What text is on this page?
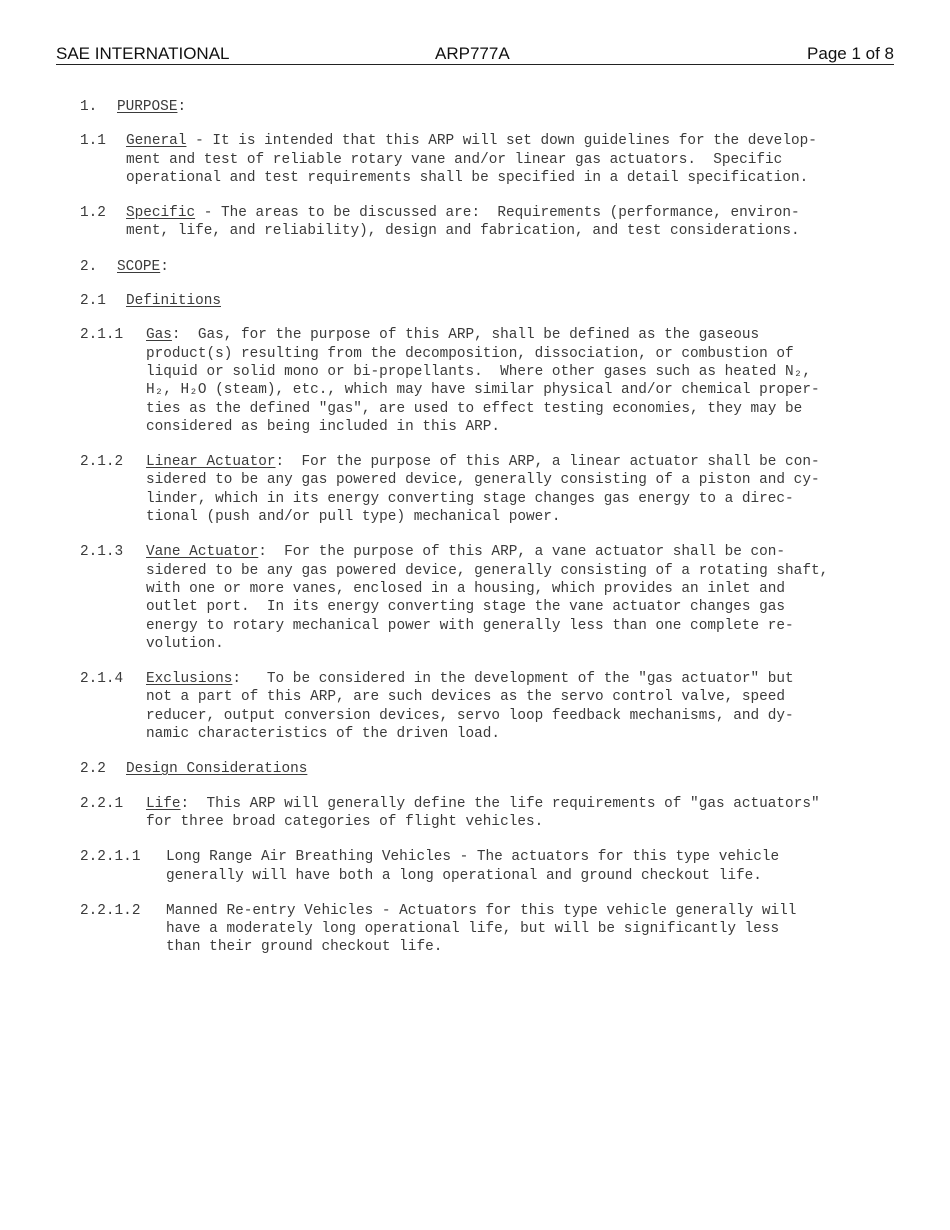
SAE INTERNATIONAL	ARP777A	Page 1 of 8
1.	PURPOSE:
1.1	General - It is intended that this ARP will set down guidelines for the develop-
ment and test of reliable rotary vane and/or linear gas actuators.  Specific
operational and test requirements shall be specified in a detail specification.
1.2	Specific - The areas to be discussed are:  Requirements (performance, environ-
ment, life, and reliability), design and fabrication, and test considerations.
2.	SCOPE:
2.1	Definitions
2.1.1	Gas:  Gas, for the purpose of this ARP, shall be defined as the gaseous
product(s) resulting from the decomposition, dissociation, or combustion of
liquid or solid mono or bi-propellants.  Where other gases such as heated N₂,
H₂, H₂O (steam), etc., which may have similar physical and/or chemical proper-
ties as the defined "gas", are used to effect testing economies, they may be
considered as being included in this ARP.
2.1.2	Linear Actuator:  For the purpose of this ARP, a linear actuator shall be con-
sidered to be any gas powered device, generally consisting of a piston and cy-
linder, which in its energy converting stage changes gas energy to a direc-
tional (push and/or pull type) mechanical power.
2.1.3	Vane Actuator:  For the purpose of this ARP, a vane actuator shall be con-
sidered to be any gas powered device, generally consisting of a rotating shaft,
with one or more vanes, enclosed in a housing, which provides an inlet and
outlet port.  In its energy converting stage the vane actuator changes gas
energy to rotary mechanical power with generally less than one complete re-
volution.
2.1.4	Exclusions:   To be considered in the development of the "gas actuator" but
not a part of this ARP, are such devices as the servo control valve, speed
reducer, output conversion devices, servo loop feedback mechanisms, and dy-
namic characteristics of the driven load.
2.2	Design Considerations
2.2.1	Life:  This ARP will generally define the life requirements of "gas actuators"
for three broad categories of flight vehicles.
2.2.1.1	Long Range Air Breathing Vehicles - The actuators for this type vehicle
generally will have both a long operational and ground checkout life.
2.2.1.2	Manned Re-entry Vehicles - Actuators for this type vehicle generally will
have a moderately long operational life, but will be significantly less
than their ground checkout life.
